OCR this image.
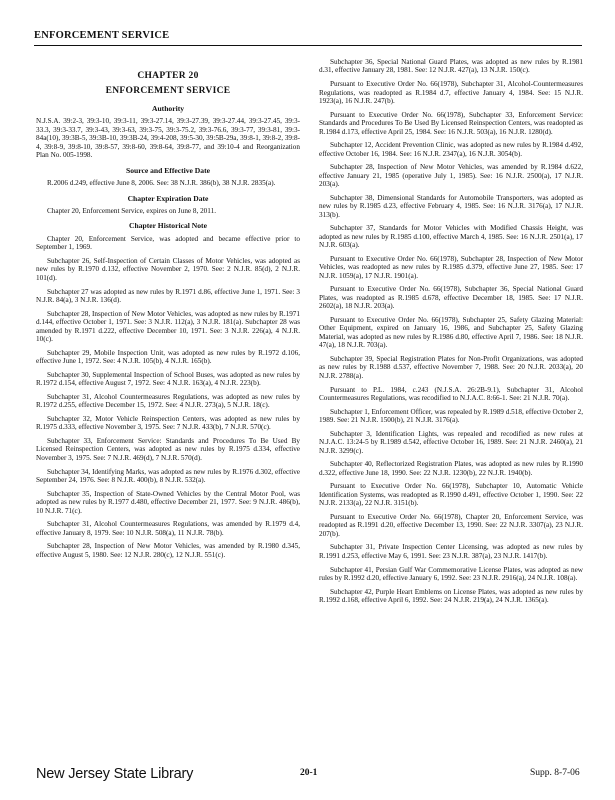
ENFORCEMENT SERVICE
CHAPTER 20
ENFORCEMENT SERVICE
Authority

N.J.S.A. 39:2-3, 39:3-10, 39:3-11, 39:3-27.14, 39:3-27.39, 39:3-27.44, 39:3-27.45, 39:3-33.3, 39:3-33.7, 39:3-43, 39:3-63, 39:3-75, 39:3-75.2, 39:3-76.6, 39:3-77, 39:3-81, 39:3-84a(10), 39:3B-5, 39:3B-10, 39:3B-24, 39:4-208, 39:5-30, 39:5B-29a, 39:8-1, 39:8-2, 39:8-4, 39:8-9, 39:8-10, 39:8-57, 39:8-60, 39:8-64, 39:8-77, and 39:10-4 and Reorganization Plan No. 005-1998.

Source and Effective Date

R.2006 d.249, effective June 8, 2006. See: 38 N.J.R. 386(b), 38 N.J.R. 2835(a).

Chapter Expiration Date

Chapter 20, Enforcement Service, expires on June 8, 2011.

Chapter Historical Note

Chapter 20, Enforcement Service, was adopted and became effective prior to September 1, 1969.

Subchapter 26, Self-Inspection of Certain Classes of Motor Vehicles, was adopted as new rules by R.1970 d.132, effective November 2, 1970. See: 2 N.J.R. 85(d), 2 N.J.R. 101(d).

Subchapter 27 was adopted as new rules by R.1971 d.86, effective June 1, 1971. See: 3 N.J.R. 84(a), 3 N.J.R. 136(d).

Subchapter 28, Inspection of New Motor Vehicles, was adopted as new rules by R.1971 d.144, effective October 1, 1971. See: 3 N.J.R. 112(a), 3 N.J.R. 181(a). Subchapter 28 was amended by R.1971 d.222, effective December 10, 1971. See: 3 N.J.R. 226(a), 4 N.J.R. 10(c).

Subchapter 29, Mobile Inspection Unit, was adopted as new rules by R.1972 d.106, effective June 1, 1972. See: 4 N.J.R. 105(b), 4 N.J.R. 165(b).

Subchapter 30, Supplemental Inspection of School Buses, was adopted as new rules by R.1972 d.154, effective August 7, 1972. See: 4 N.J.R. 163(a), 4 N.J.R. 223(b).

Subchapter 31, Alcohol Countermeasures Regulations, was adopted as new rules by R.1972 d.255, effective December 15, 1972. See: 4 N.J.R. 273(a), 5 N.J.R. 18(c).

Subchapter 32, Motor Vehicle Reinspection Centers, was adopted as new rules by R.1975 d.333, effective November 3, 1975. See: 7 N.J.R. 433(b), 7 N.J.R. 570(c).

Subchapter 33, Enforcement Service: Standards and Procedures To Be Used By Licensed Reinspection Centers, was adopted as new rules by R.1975 d.334, effective November 3, 1975. See: 7 N.J.R. 469(d), 7 N.J.R. 570(d).

Subchapter 34, Identifying Marks, was adopted as new rules by R.1976 d.302, effective September 24, 1976. See: 8 N.J.R. 400(b), 8 N.J.R. 532(a).

Subchapter 35, Inspection of State-Owned Vehicles by the Central Motor Pool, was adopted as new rules by R.1977 d.480, effective December 21, 1977. See: 9 N.J.R. 486(b), 10 N.J.R. 71(c).

Subchapter 31, Alcohol Countermeasures Regulations, was amended by R.1979 d.4, effective January 8, 1979. See: 10 N.J.R. 508(a), 11 N.J.R. 78(b).

Subchapter 28, Inspection of New Motor Vehicles, was amended by R.1980 d.345, effective August 5, 1980. See: 12 N.J.R. 280(c), 12 N.J.R. 551(c).

Subchapter 36, Special National Guard Plates, was adopted as new rules by R.1981 d.31, effective January 28, 1981. See: 12 N.J.R. 427(a), 13 N.J.R. 150(c).

Pursuant to Executive Order No. 66(1978), Subchapter 31, Alcohol-Countermeasures Regulations, was readopted as R.1984 d.7, effective January 4, 1984. See: 15 N.J.R. 1923(a), 16 N.J.R. 247(b).

Pursuant to Executive Order No. 66(1978), Subchapter 33, Enforcement Service: Standards and Procedures To Be Used By Licensed Reinspection Centers, was readopted as R.1984 d.173, effective April 25, 1984. See: 16 N.J.R. 503(a), 16 N.J.R. 1280(d).

Subchapter 12, Accident Prevention Clinic, was adopted as new rules by R.1984 d.492, effective October 16, 1984. See: 16 N.J.R. 2347(a), 16 N.J.R. 3054(b).

Subchapter 28, Inspection of New Motor Vehicles, was amended by R.1984 d.622, effective January 21, 1985 (operative July 1, 1985). See: 16 N.J.R. 2500(a), 17 N.J.R. 203(a).

Subchapter 38, Dimensional Standards for Automobile Transporters, was adopted as new rules by R.1985 d.23, effective February 4, 1985. See: 16 N.J.R. 3176(a), 17 N.J.R. 313(b).

Subchapter 37, Standards for Motor Vehicles with Modified Chassis Height, was adopted as new rules by R.1985 d.100, effective March 4, 1985. See: 16 N.J.R. 2501(a), 17 N.J.R. 603(a).

Pursuant to Executive Order No. 66(1978), Subchapter 28, Inspection of New Motor Vehicles, was readopted as new rules by R.1985 d.379, effective June 27, 1985. See: 17 N.J.R. 1059(a), 17 N.J.R. 1901(a).

Pursuant to Executive Order No. 66(1978), Subchapter 36, Special National Guard Plates, was readopted as R.1985 d.678, effective December 18, 1985. See: 17 N.J.R. 2602(a), 18 N.J.R. 203(a).

Pursuant to Executive Order No. 66(1978), Subchapter 25, Safety Glazing Material: Other Equipment, expired on January 16, 1986, and Subchapter 25, Safety Glazing Material, was adopted as new rules by R.1986 d.80, effective April 7, 1986. See: 18 N.J.R. 47(a), 18 N.J.R. 703(a).

Subchapter 39, Special Registration Plates for Non-Profit Organizations, was adopted as new rules by R.1988 d.537, effective November 7, 1988. See: 20 N.J.R. 2033(a), 20 N.J.R. 2788(a).

Pursuant to P.L. 1984, c.243 (N.J.S.A. 26:2B-9.1), Subchapter 31, Alcohol Countermeasures Regulations, was recodified to N.J.A.C. 8:66-1. See: 21 N.J.R. 70(a).

Subchapter 1, Enforcement Officer, was repealed by R.1989 d.518, effective October 2, 1989. See: 21 N.J.R. 1500(b), 21 N.J.R. 3176(a).

Subchapter 3, Identification Lights, was repealed and recodified as new rules at N.J.A.C. 13:24-5 by R.1989 d.542, effective October 16, 1989. See: 21 N.J.R. 2460(a), 21 N.J.R. 3299(c).

Subchapter 40, Reflectorized Registration Plates, was adopted as new rules by R.1990 d.322, effective June 18, 1990. See: 22 N.J.R. 1230(b), 22 N.J.R. 1940(b).

Pursuant to Executive Order No. 66(1978), Subchapter 10, Automatic Vehicle Identification Systems, was readopted as R.1990 d.491, effective October 1, 1990. See: 22 N.J.R. 2133(a), 22 N.J.R. 3151(b).

Pursuant to Executive Order No. 66(1978), Chapter 20, Enforcement Service, was readopted as R.1991 d.20, effective December 13, 1990. See: 22 N.J.R. 3307(a), 23 N.J.R. 207(b).

Subchapter 31, Private Inspection Center Licensing, was adopted as new rules by R.1991 d.253, effective May 6, 1991. See: 23 N.J.R. 387(a), 23 N.J.R. 1417(b).

Subchapter 41, Persian Gulf War Commemorative License Plates, was adopted as new rules by R.1992 d.20, effective January 6, 1992. See: 23 N.J.R. 2916(a), 24 N.J.R. 108(a).

Subchapter 42, Purple Heart Emblems on License Plates, was adopted as new rules by R.1992 d.168, effective April 6, 1992. See: 24 N.J.R. 219(a), 24 N.J.R. 1365(a).

New Jersey State Library	20-1	Supp. 8-7-06
